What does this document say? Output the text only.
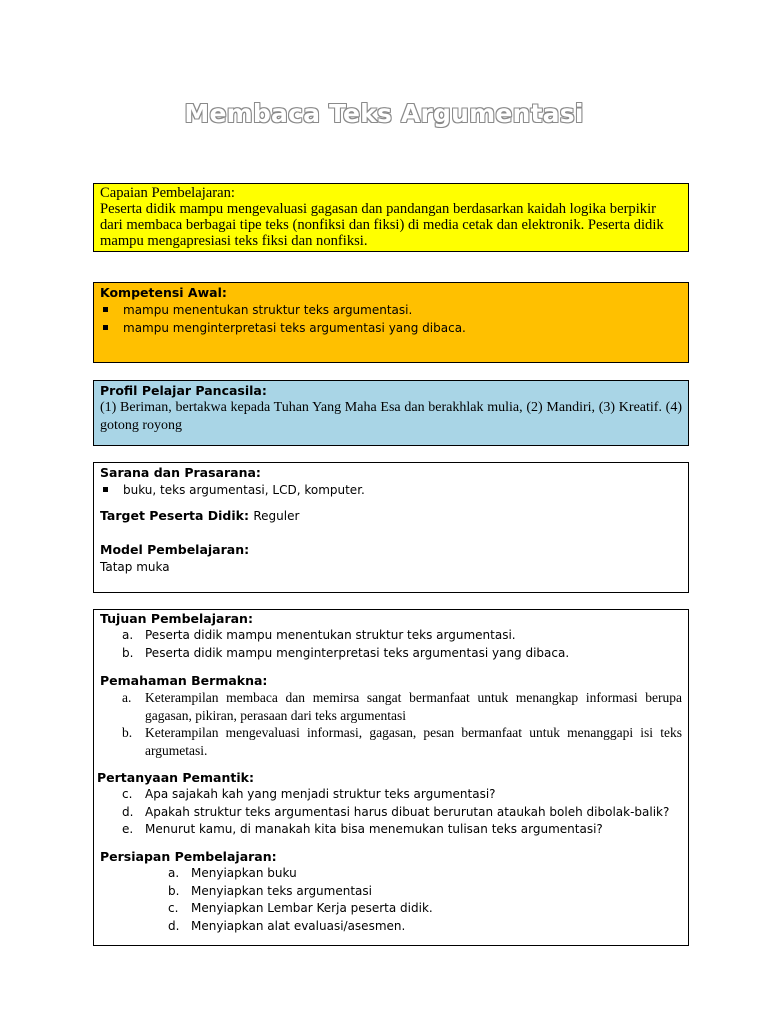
Membaca Teks Argumentasi
Capaian Pembelajaran:
Peserta didik mampu mengevaluasi gagasan dan pandangan berdasarkan kaidah logika berpikir dari membaca berbagai tipe teks (nonfiksi dan fiksi) di media cetak dan elektronik. Peserta didik mampu mengapresiasi teks fiksi dan nonfiksi.
Kompetensi Awal:
mampu menentukan struktur teks argumentasi.
mampu menginterpretasi teks argumentasi yang dibaca.
Profil Pelajar Pancasila:
(1) Beriman, bertakwa kepada Tuhan Yang Maha Esa dan berakhlak mulia, (2) Mandiri, (3) Kreatif. (4) gotong royong
Sarana dan Prasarana:
buku, teks argumentasi, LCD, komputer.
Target Peserta Didik: Reguler
Model Pembelajaran:
Tatap muka
Tujuan Pembelajaran:
a. Peserta didik mampu menentukan struktur teks argumentasi.
b. Peserta didik mampu menginterpretasi teks argumentasi yang dibaca.
Pemahaman Bermakna:
a. Keterampilan membaca dan memirsa sangat bermanfaat untuk menangkap informasi berupa gagasan, pikiran, perasaan dari teks argumentasi
b. Keterampilan mengevaluasi informasi, gagasan, pesan bermanfaat untuk menanggapi isi teks argumetasi.
Pertanyaan Pemantik:
c. Apa sajakah kah yang menjadi struktur teks argumentasi?
d. Apakah struktur teks argumentasi harus dibuat berurutan ataukah boleh dibolak-balik?
e. Menurut kamu, di manakah kita bisa menemukan tulisan teks argumentasi?
Persiapan Pembelajaran:
a. Menyiapkan buku
b. Menyiapkan teks argumentasi
c. Menyiapkan Lembar Kerja peserta didik.
d. Menyiapkan alat evaluasi/asesmen.
